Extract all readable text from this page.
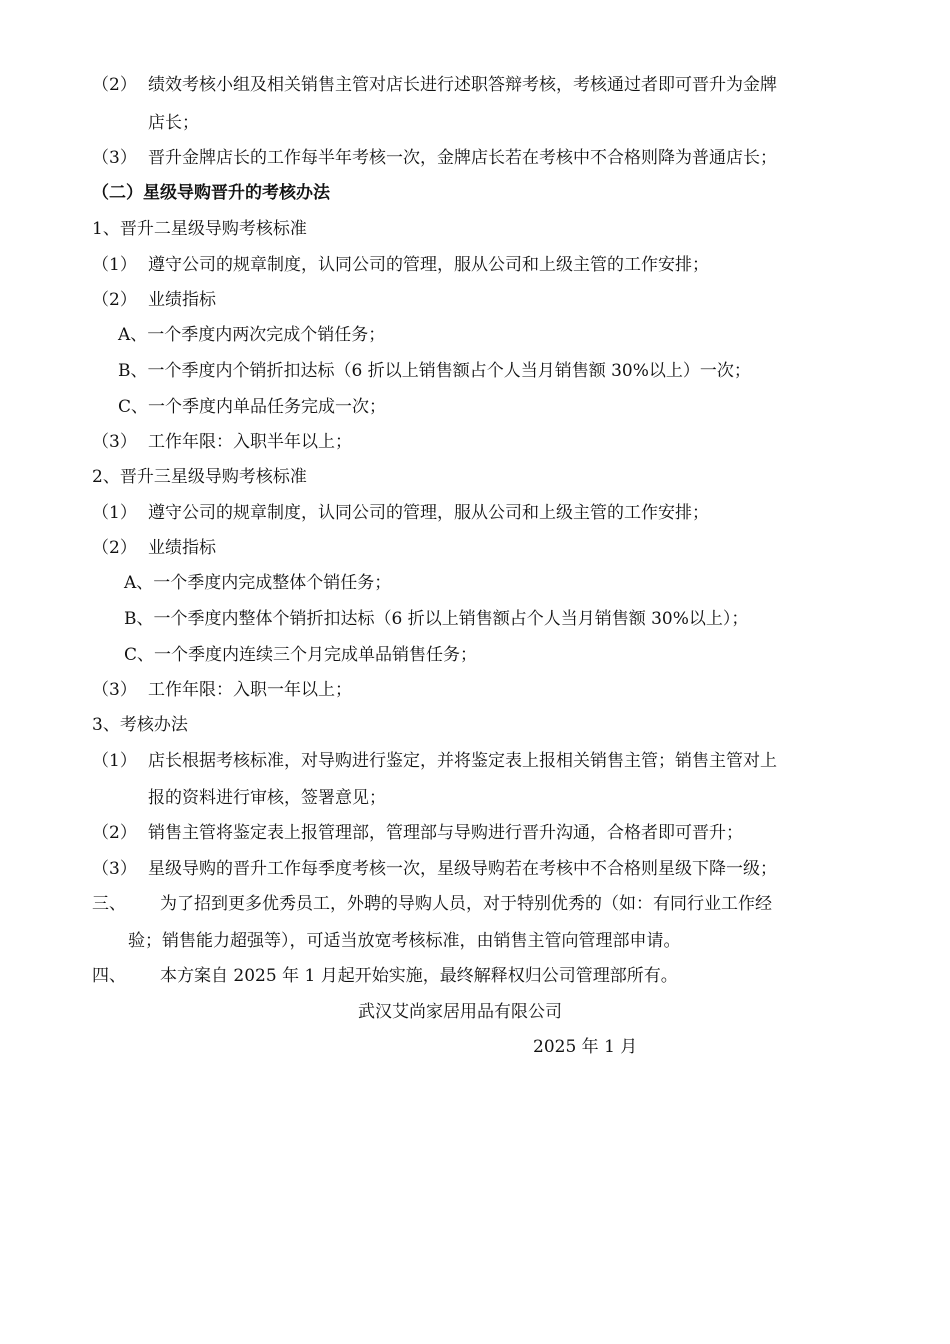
（2） 绩效考核小组及相关销售主管对店长进行述职答辩考核，考核通过者即可晋升为金牌
店长；
（3） 晋升金牌店长的工作每半年考核一次，金牌店长若在考核中不合格则降为普通店长；
（二）星级导购晋升的考核办法
1、晋升二星级导购考核标准
（1） 遵守公司的规章制度，认同公司的管理，服从公司和上级主管的工作安排；
（2） 业绩指标
A、一个季度内两次完成个销任务；
B、一个季度内个销折扣达标（6 折以上销售额占个人当月销售额 30%以上）一次；
C、一个季度内单品任务完成一次；
（3） 工作年限：入职半年以上；
2、晋升三星级导购考核标准
（1） 遵守公司的规章制度，认同公司的管理，服从公司和上级主管的工作安排；
（2） 业绩指标
A、一个季度内完成整体个销任务；
B、一个季度内整体个销折扣达标（6 折以上销售额占个人当月销售额 30%以上）；
C、一个季度内连续三个月完成单品销售任务；
（3） 工作年限：入职一年以上；
3、考核办法
（1） 店长根据考核标准，对导购进行鉴定，并将鉴定表上报相关销售主管；销售主管对上
报的资料进行审核，签署意见；
（2） 销售主管将鉴定表上报管理部，管理部与导购进行晋升沟通，合格者即可晋升；
（3） 星级导购的晋升工作每季度考核一次，星级导购若在考核中不合格则星级下降一级；
三、 为了招到更多优秀员工，外聘的导购人员，对于特别优秀的（如：有同行业工作经
验；销售能力超强等），可适当放宽考核标准，由销售主管向管理部申请。
四、 本方案自 2025 年 1 月起开始实施，最终解释权归公司管理部所有。
武汉艾尚家居用品有限公司
2025 年 1 月
